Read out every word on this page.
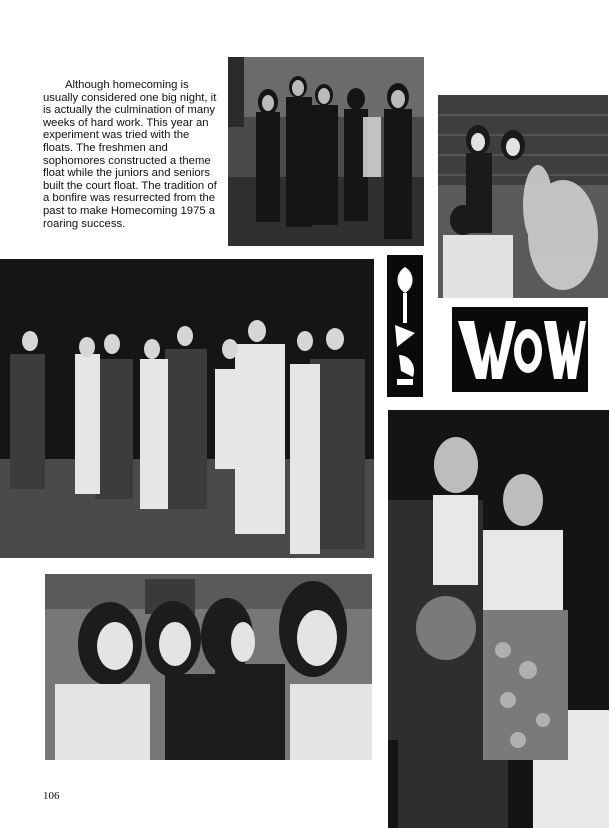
Although homecoming is usually considered one big night, it is actually the culmination of many weeks of hard work. This year an experiment was tried with the floats. The freshmen and sophomores constructed a theme float while the juniors and seniors built the court float. The tradition of a bonfire was resurrected from the past to make Homecoming 1975 a roaring success.

106
